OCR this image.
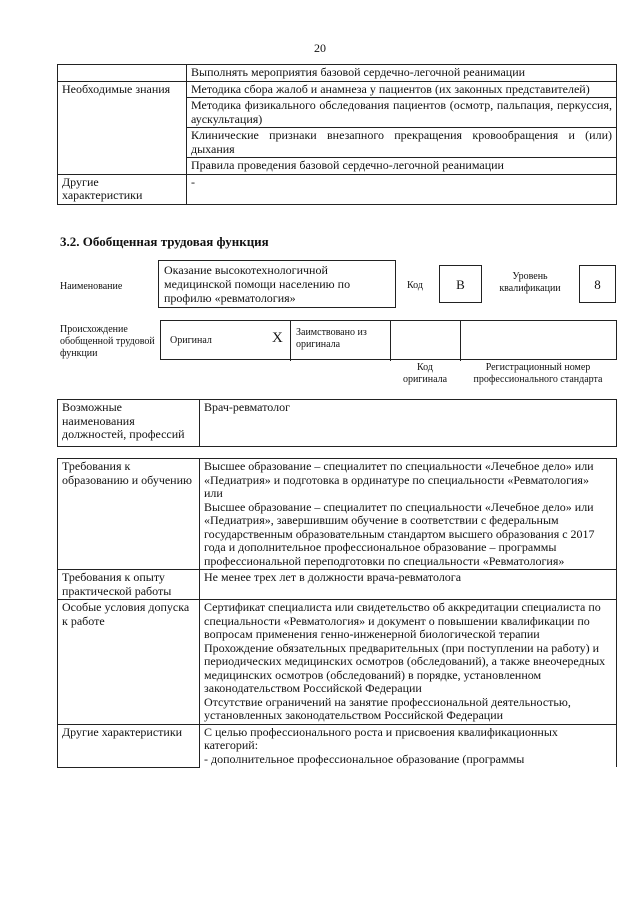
20
	Выполнять мероприятия базовой сердечно-легочной реанимации
Необходимые знания	Методика сбора жалоб и анамнеза у пациентов (их законных представителей)
	Методика физикального обследования пациентов (осмотр, пальпация, перкуссия, аускультация)
	Клинические признаки внезапного прекращения кровообращения и (или) дыхания
	Правила проведения базовой сердечно-легочной реанимации
Другие характеристики	-
3.2. Обобщенная трудовая функция
Наименование
Оказание высокотехнологичной медицинской помощи населению по профилю «ревматология»
Код	B
Уровень квалификации	8
Происхождение обобщенной трудовой функции
Оригинал	X Заимствовано из оригинала
Код оригинала
Регистрационный номер профессионального стандарта
Возможные наименования должностей, профессий	Врач-ревматолог
Требования к образованию и обучению	Высшее образование – специалитет по специальности «Лечебное дело» или «Педиатрия» и подготовка в ординатуре по специальности «Ревматология»
или
Высшее образование – специалитет по специальности «Лечебное дело» или «Педиатрия», завершившим обучение в соответствии с федеральным государственным образовательным стандартом высшего образования с 2017 года и дополнительное профессиональное образование – программы профессиональной переподготовки по специальности «Ревматология»

Требования к опыту практической работы	Не менее трех лет в должности врача-ревматолога

Особые условия допуска к работе	Сертификат специалиста или свидетельство об аккредитации специалиста по специальности «Ревматология» и документ о повышении квалификации по вопросам применения генно-инженерной биологической терапии
Прохождение обязательных предварительных (при поступлении на работу) и периодических медицинских осмотров (обследований), а также внеочередных медицинских осмотров (обследований) в порядке, установленном законодательством Российской Федерации
Отсутствие ограничений на занятие профессиональной деятельностью, установленных законодательством Российской Федерации

Другие характеристики	С целью профессионального роста и присвоения квалификационных категорий:
- дополнительное профессиональное образование (программы
